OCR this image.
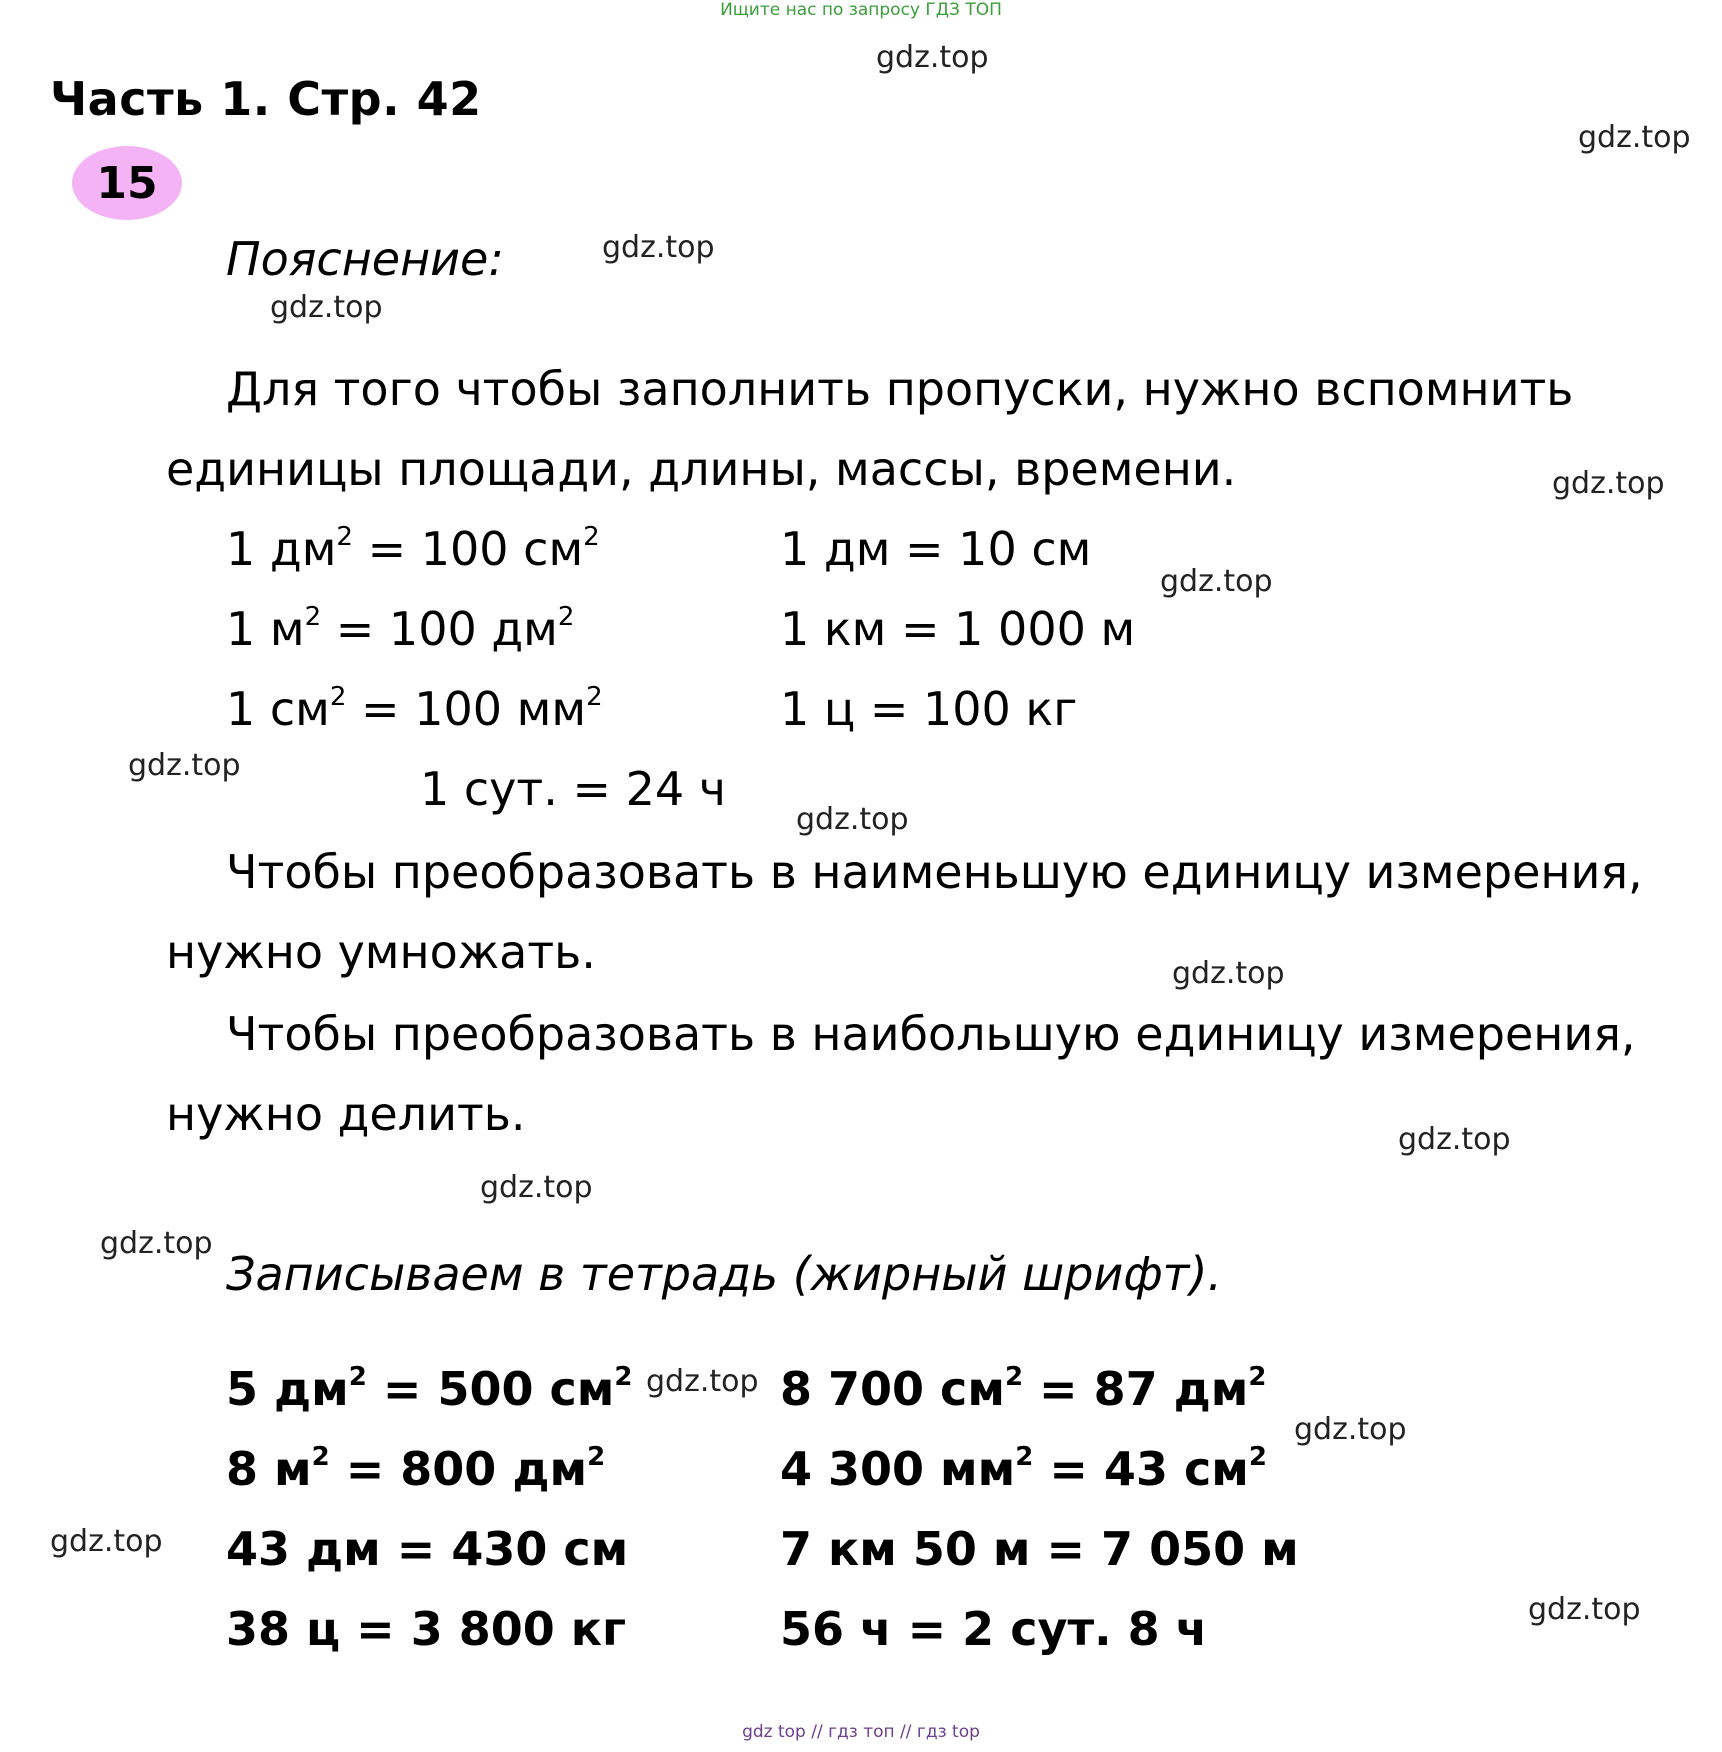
Ищите нас по запросу ГДЗ ТОП
Часть 1. Стр. 42
15
Пояснение:
Для того чтобы заполнить пропуски, нужно вспомнить
единицы площади, длины, массы, времени.
1 $дм^2 = 100$ $см^2$	1 дм = 10 см
1 $м^2 = 100$ $дм^2$	1 км = 1 000 м
1 $см^2 = 100$ $мм^2$	1 ц = 100 кг
1 сут. = 24 ч
Чтобы преобразовать в наименьшую единицу измерения,
нужно умножать.
Чтобы преобразовать в наибольшую единицу измерения,
нужно делить.
Записываем в тетрадь (жирный шрифт).
5 $дм^2 = 500$ $см^2$	8 700 $см^2 = 87$ $дм^2$
8 $м^2 = 800$ $дм^2$	4 300 $мм^2 = 43$ $см^2$
43 дм = 430 см	7 км 50 м = 7 050 м
38 ц = 3 800 кг	56 ч = 2 сут. 8 ч
gdz.top
gdz.top
gdz.top
gdz.top
gdz.top
gdz.top
gdz.top
gdz.top
gdz.top
gdz.top
gdz.top
gdz.top
gdz.top
gdz.top
gdz.top
gdz.top
gdz top // гдз топ // гдз top
